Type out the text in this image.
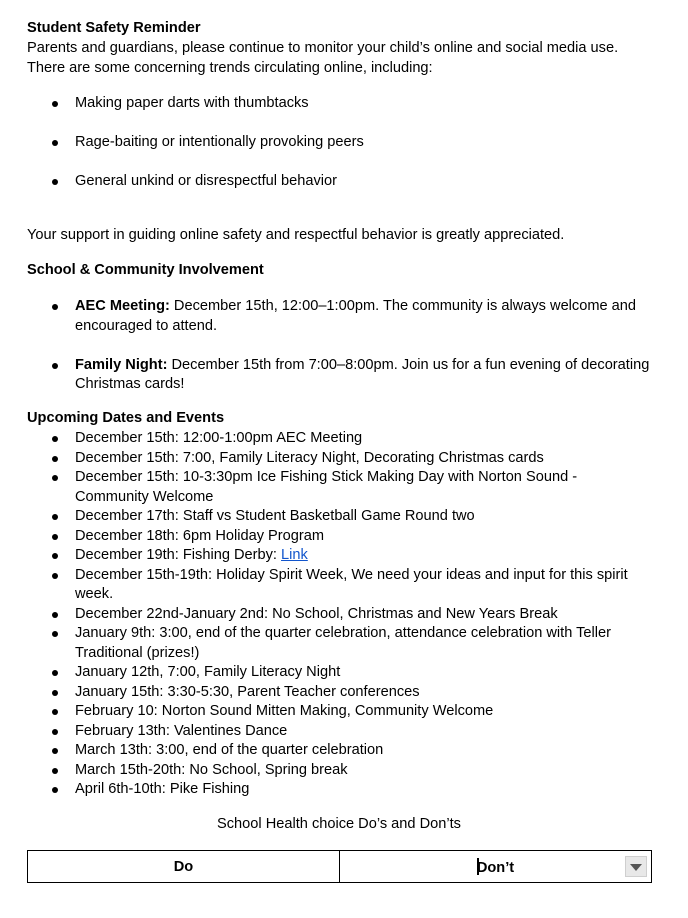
Student Safety Reminder
Parents and guardians, please continue to monitor your child’s online and social media use. There are some concerning trends circulating online, including:
Making paper darts with thumbtacks
Rage-baiting or intentionally provoking peers
General unkind or disrespectful behavior
Your support in guiding online safety and respectful behavior is greatly appreciated.
School & Community Involvement
AEC Meeting: December 15th, 12:00–1:00pm. The community is always welcome and encouraged to attend.
Family Night: December 15th from 7:00–8:00pm. Join us for a fun evening of decorating Christmas cards!
Upcoming Dates and Events
December 15th: 12:00-1:00pm AEC Meeting
December 15th: 7:00, Family Literacy Night, Decorating Christmas cards
December 15th: 10-3:30pm Ice Fishing Stick Making Day with Norton Sound - Community Welcome
December 17th: Staff vs Student Basketball Game Round two
December 18th: 6pm Holiday Program
December 19th: Fishing Derby: Link
December 15th-19th: Holiday Spirit Week, We need your ideas and input for this spirit week.
December 22nd-January 2nd: No School, Christmas and New Years Break
January 9th: 3:00, end of the quarter celebration, attendance celebration with Teller Traditional (prizes!)
January 12th, 7:00, Family Literacy Night
January 15th: 3:30-5:30, Parent Teacher conferences
February 10: Norton Sound Mitten Making, Community Welcome
February 13th: Valentines Dance
March 13th: 3:00, end of the quarter celebration
March 15th-20th: No School, Spring break
April 6th-10th: Pike Fishing
School Health choice Do’s and Don’ts
Do	Don’t
